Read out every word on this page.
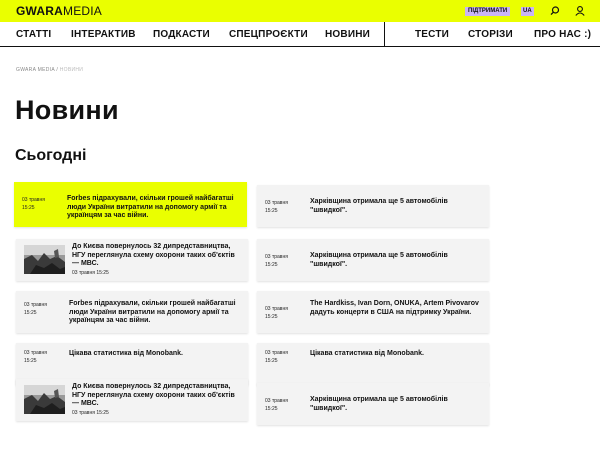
GWARAMEDIA	ПІДТРИМАТИ	UA
СТАТТІ ІНТЕРАКТИВ ПОДКАСТИ СПЕЦПРОЄКТИ НОВИНИ	ТЕСТИ СТОРІЗИ ПРО НАС :)
GWARA MEDIA / НОВИНИ
Новини
Сьогодні
03 травня
15:25
Forbes підрахували, скільки грошей найбагатші люди України витратили на допомогу армії та українцям за час війни.
До Києва повернулось 32 дипредставництва, НГУ переглянула схему охорони таких об'єктів — МВС.
03 травня 15:25
03 травня
15:25
Forbes підрахували, скільки грошей найбагатші люди України витратили на допомогу армії та українцям за час війни.
03 травня
15:25
Цікава статистика від Monobank.
До Києва повернулось 32 дипредставництва, НГУ переглянула схему охорони таких об'єктів — МВС.
03 травня 15:25
03 травня
15:25
Харківщина отримала ще 5 автомобілів "швидкої".
03 травня
15:25
Харківщина отримала ще 5 автомобілів "швидкої".
03 травня
15:25
The Hardkiss, Ivan Dorn, ONUKA, Artem Pivovarov дадуть концерти в США на підтримку України.
03 травня
15:25
Цікава статистика від Monobank.
03 травня
15:25
Харківщина отримала ще 5 автомобілів "швидкої".
